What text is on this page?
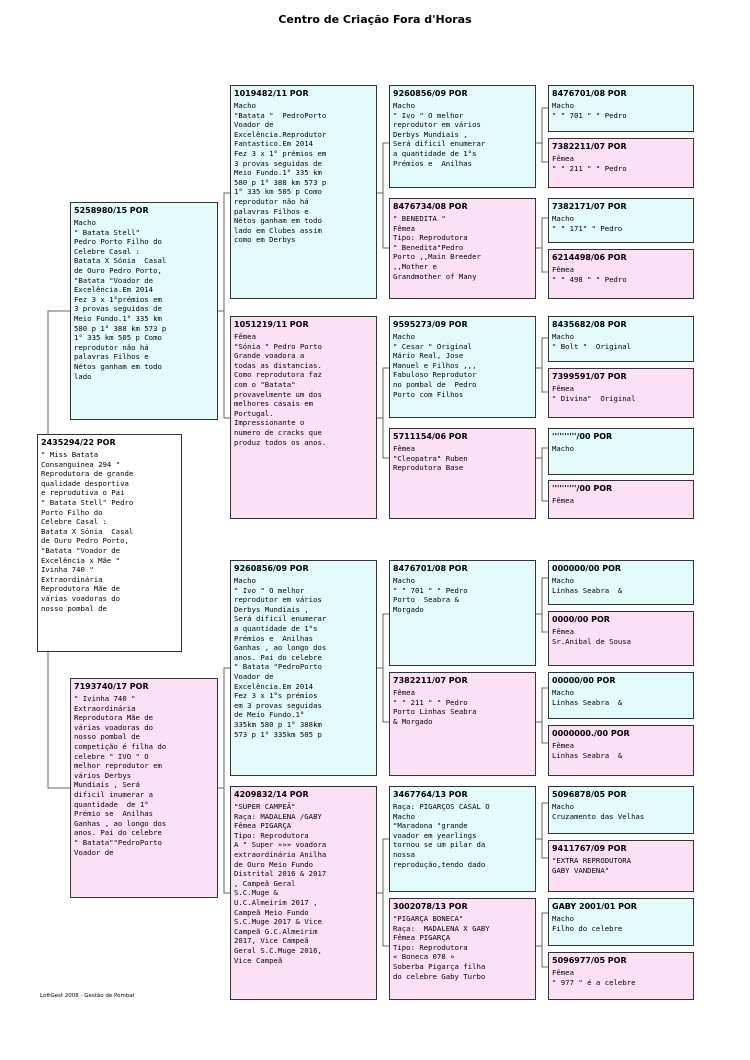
Centro de Criação Fora d'Horas
2435294/22 POR
" Miss Batata
Consanguinea 294 "
Reprodutora de grande
qualidade desportiva
e reprodutiva o Pai
" Batata Stell" Pedro
Porto Filho do
Celebre Casal :
Batata X Sónia  Casal
de Ouro Pedro Porto,
"Batata "Voador de
Excelência x Mãe "
Ivinha 740 "
Extraordinária
Reprodutora Mãe de
várias voadoras do
nosso pombal de
5258980/15 POR
Macho
" Batata Stell"
Pedro Porto Filho do
Celebre Casal :
Batata X Sónia  Casal
de Ouro Pedro Porto,
"Batata "Voador de
Excelência.Em 2014
Fez 3 x 1°prémios em
3 provas seguidas de
Meio Fundo.1° 335 km
580 p 1° 388 km 573 p
1° 335 km 505 p Como
reprodutor não há
palavras Filhos e
Nétos ganham em todo
lado
7193740/17 POR
" Ivinha 740 "
Extraordinária
Reprodutora Mãe de
várias voadoras do
nosso pombal de
competição é filha do
celebre " IVO " O
melhor reprodutor em
vários Derbys
Mundiais , Será
dificil inumerar a
quantidade  de 1°
Prémio se  Anilhas
Ganhas , ao longo dos
anos. Pai do celebre
" Batata""PedroPorto
Voador de
1019482/11 POR
Macho
"Batata "  PedroPorto
Voador de
Excelência.Reprodutor
Fantastico.Em 2014
Fez 3 x 1° prémios em
3 provas seguidas de
Meio Fundo.1° 335 km
580 p 1° 388 km 573 p
1° 335 km 505 p Como
reprodutor não há
palavras Filhos e
Nétos ganham em todo
lado em Clubes assim
como em Derbys
1051219/11 POR
Fêmea
"Sónia " Pedro Porto
Grande voadora a
todas as distancias.
Como reprodutora faz
com o "Batata"
provavelmente um dos
melhores casais em
Portugal.
Impressionante o
numero de cracks que
produz todos os anos.
9260856/09 POR
Macho
" Ivo " O melhor
reprodutor em vários
Derbys Mundiais ,
Será dificil enumerar
a quantidade de 1°s
Prémios e  Anilhas
Ganhas , ao longo dos
anos. Pai do celebre
" Batata "PedroPorto
Voador de
Excelência.Em 2014
Fez 3 x 1°s prémios
em 3 provas seguidas
de Meio Fundo.1°
335km 580 p 1° 388km
573 p 1° 335km 505 p
4209832/14 POR
"SUPER CAMPEÃ"
Raça: MADALENA /GABY
Fêmea PIGARÇA
Tipo: Reprodutora
A " Super »»» voadora
extraordinária Anilha
de Ouro Meio Fundo
Distrital 2016 & 2017
, Campeã Geral
S.C.Muge &
U.C.Almeirim 2017 ,
Campeã Meio Fundo
S.C.Muge 2017 & Vice
Campeã G.C.Almeirim
2017, Vice Campeã
Geral S.C.Muge 2016,
Vice Campeã
9260856/09 POR
Macho
" Ivo " O melhor
reprodutor em vários
Derbys Mundiais ,
Será dificil enumerar
a quantidade de 1°s
Prémios e  Anilhas
8476734/08 POR
" BENEDITA "
Fêmea
Tipo: Reprodutora
" Benedita"Pedro
Porto ,,Main Breeder
,,Mother e
Grandmother of Many
9595273/09 POR
Macho
" Cesar " Original
Mário Real, Jose
Manuel e Filhos ,,,
Fabuloso Reprodutor
no pombal de  Pedro
Porto com Filhos
5711154/06 POR
Fêmea
"Cleopatra" Ruben
Reprodutora Base
8476701/08 POR
Macho
" " 701 " " Pedro
Porto  Seabra &
Morgado
7382211/07 POR
Fêmea
" " 211 " " Pedro
Porto Linhas Seabra
& Morgado
3467764/13 POR
Raça: PIGARÇOS CASAL O
Macho
"Maradona "grande
voador em yearlings
tornou se um pilar da
nossa
reprodução,tendo dado
3002078/13 POR
"PIGARÇA BONECA"
Raça:  MADALENA X GABY
Fêmea PIGARÇA
Tipo: Reprodutora
« Boneca 078 »
Soberba Pigarça filha
do celebre Gaby Turbo
8476701/08 POR
Macho
" " 701 " " Pedro
7382211/07 POR
Fêmea
" " 211 " " Pedro
7382171/07 POR
Macho
" " 171" " Pedro
6214498/06 POR
Fêmea
" " 498 " " Pedro
8435682/08 POR
Macho
" Bolt "  Original
7399591/07 POR
Fêmea
" Divina"  Original
''''''''''/00 POR
Macho
''''''''''/00 POR
Fêmea
000000/00 POR
Macho
Linhas Seabra  &
0000/00 POR
Fêmea
Sr.Anibal de Sousa
00000/00 POR
Macho
Linhas Seabra  &
0000000./00 POR
Fêmea
Linhas Seabra  &
5096878/05 POR
Macho
Cruzamento das Velhas
9411767/09 POR
"EXTRA REPRODUTORA
GABY VANDENA"
GABY 2001/01 POR
Macho
Filho do celebre
5096977/05 POR
Fêmea
" 977 " é a celebre
LoftGest 2008 - Gestão de Pombal
